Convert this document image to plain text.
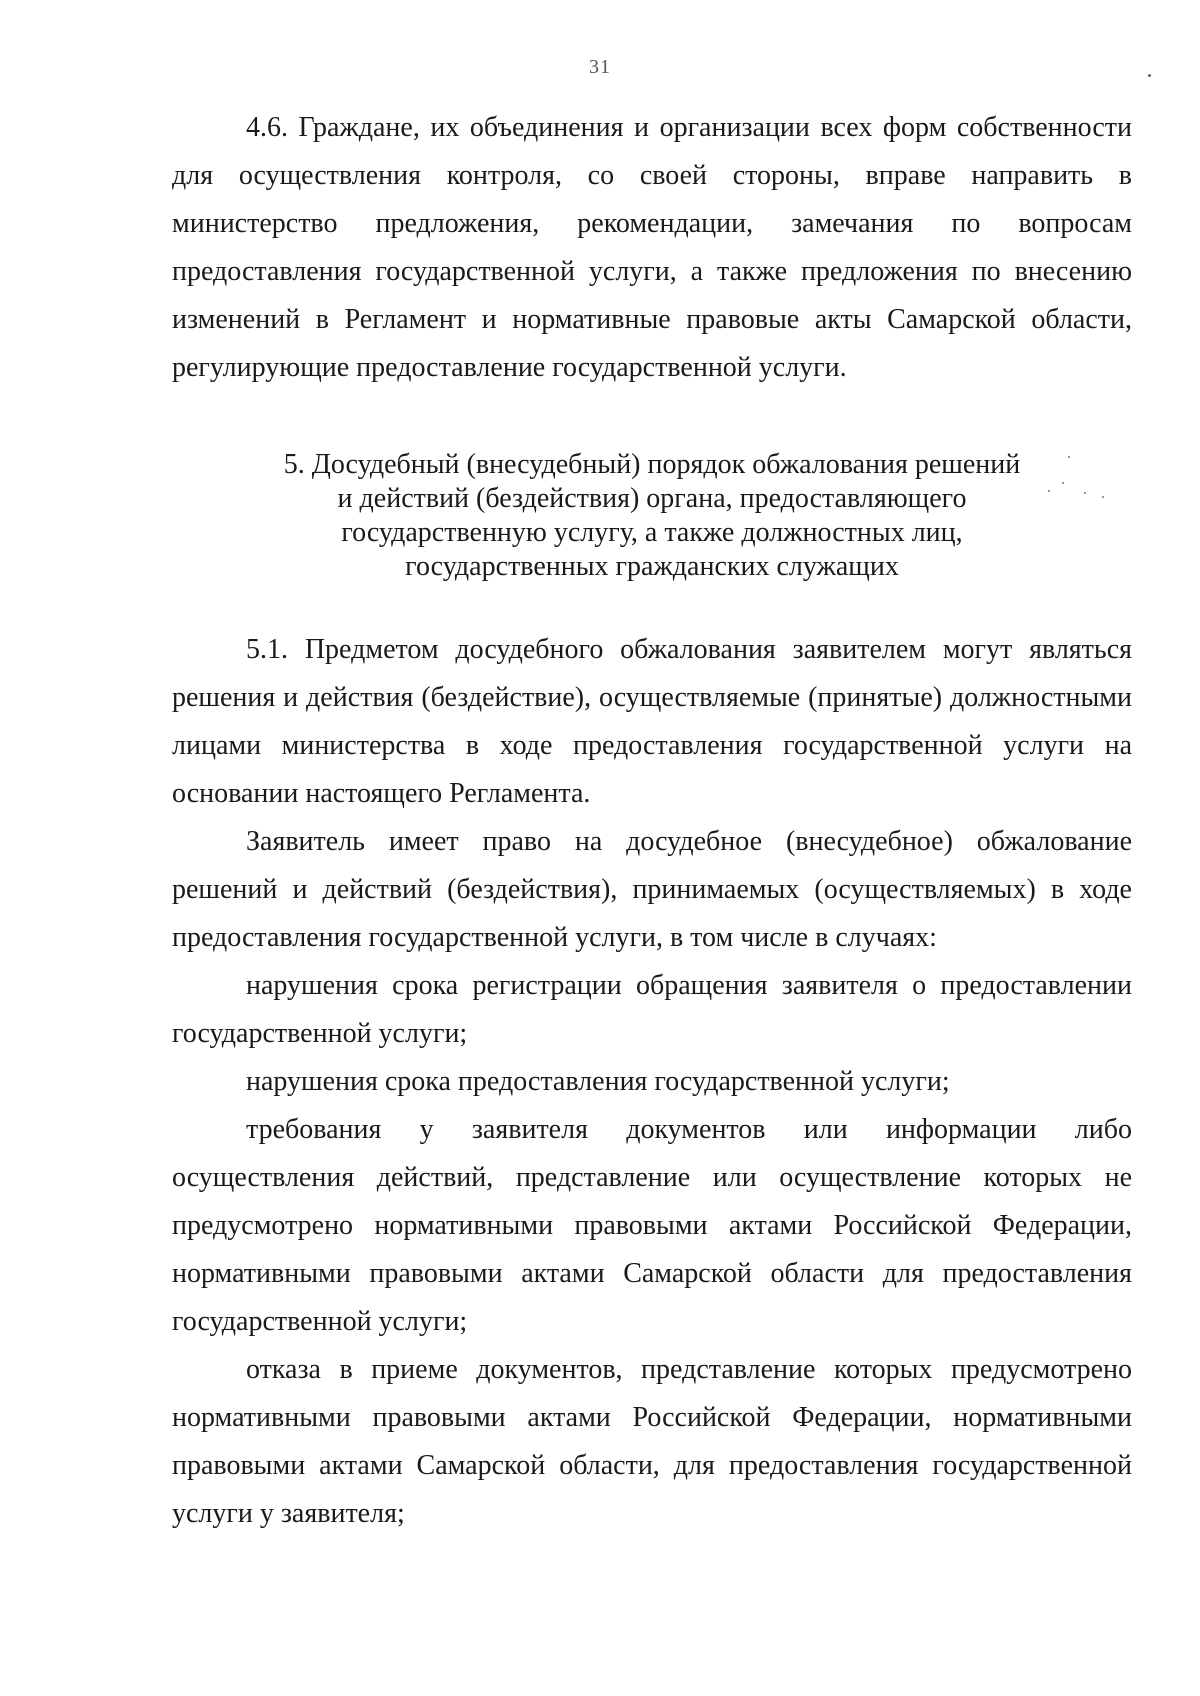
31

4.6. Граждане, их объединения и организации всех форм собственности для осуществления контроля, со своей стороны, вправе направить в министерство предложения, рекомендации, замечания по вопросам предоставления государственной услуги, а также предложения по внесению изменений в Регламент и нормативные правовые акты Самарской области, регулирующие предоставление государственной услуги.

5. Досудебный (внесудебный) порядок обжалования решений
и действий (бездействия) органа, предоставляющего
государственную услугу, а также должностных лиц,
государственных гражданских служащих

5.1. Предметом досудебного обжалования заявителем могут являться решения и действия (бездействие), осуществляемые (принятые) должностными лицами министерства в ходе предоставления государственной услуги на основании настоящего Регламента.

Заявитель имеет право на досудебное (внесудебное) обжалование решений и действий (бездействия), принимаемых (осуществляемых) в ходе предоставления государственной услуги, в том числе в случаях:

нарушения срока регистрации обращения заявителя о предоставлении государственной услуги;

нарушения срока предоставления государственной услуги;

требования у заявителя документов или информации либо осуществления действий, представление или осуществление которых не предусмотрено нормативными правовыми актами Российской Федерации, нормативными правовыми актами Самарской области для предоставления государственной услуги;

отказа в приеме документов, представление которых предусмотрено нормативными правовыми актами Российской Федерации, нормативными правовыми актами Самарской области, для предоставления государственной услуги у заявителя;
